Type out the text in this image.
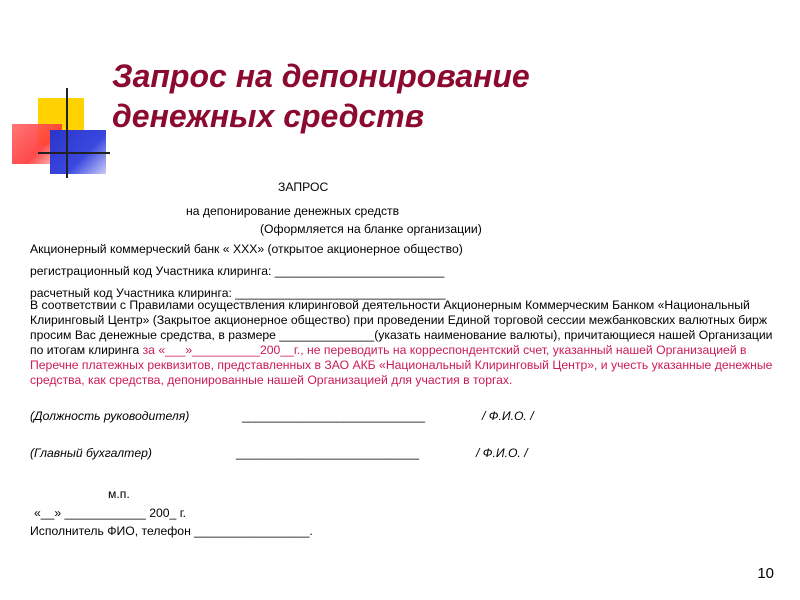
Запрос на депонирование
денежных средств

ЗАПРОС

на депонирование денежных средств

(Оформляется на бланке организации)

Акционерный коммерческий банк « ХХХ» (открытое акционерное общество)

регистрационный код Участника клиринга: _________________________

расчетный код Участника клиринга: _______________________________

В соответствии с Правилами осуществления клиринговой деятельности Акционерным Коммерческим Банком «Национальный Клиринговый Центр» (Закрытое акционерное общество) при проведении Единой торговой сессии межбанковских валютных бирж просим Вас денежные средства, в размере ______________(указать наименование валюты), причитающиеся нашей Организации по итогам клиринга за «___»__________200__г., не переводить на корреспондентский счет, указанный нашей Организацией в Перечне платежных реквизитов, представленных в ЗАО АКБ «Национальный Клиринговый Центр», и учесть указанные денежные средства, как средства, депонированные нашей Организацией для участия в торгах.

(Должность руководителя)	___________________________	/ Ф.И.О. /

(Главный бухгалтер)	___________________________	/ Ф.И.О. /

м.п.

«__» ____________ 200_ г.

Исполнитель ФИО, телефон _________________.

10
